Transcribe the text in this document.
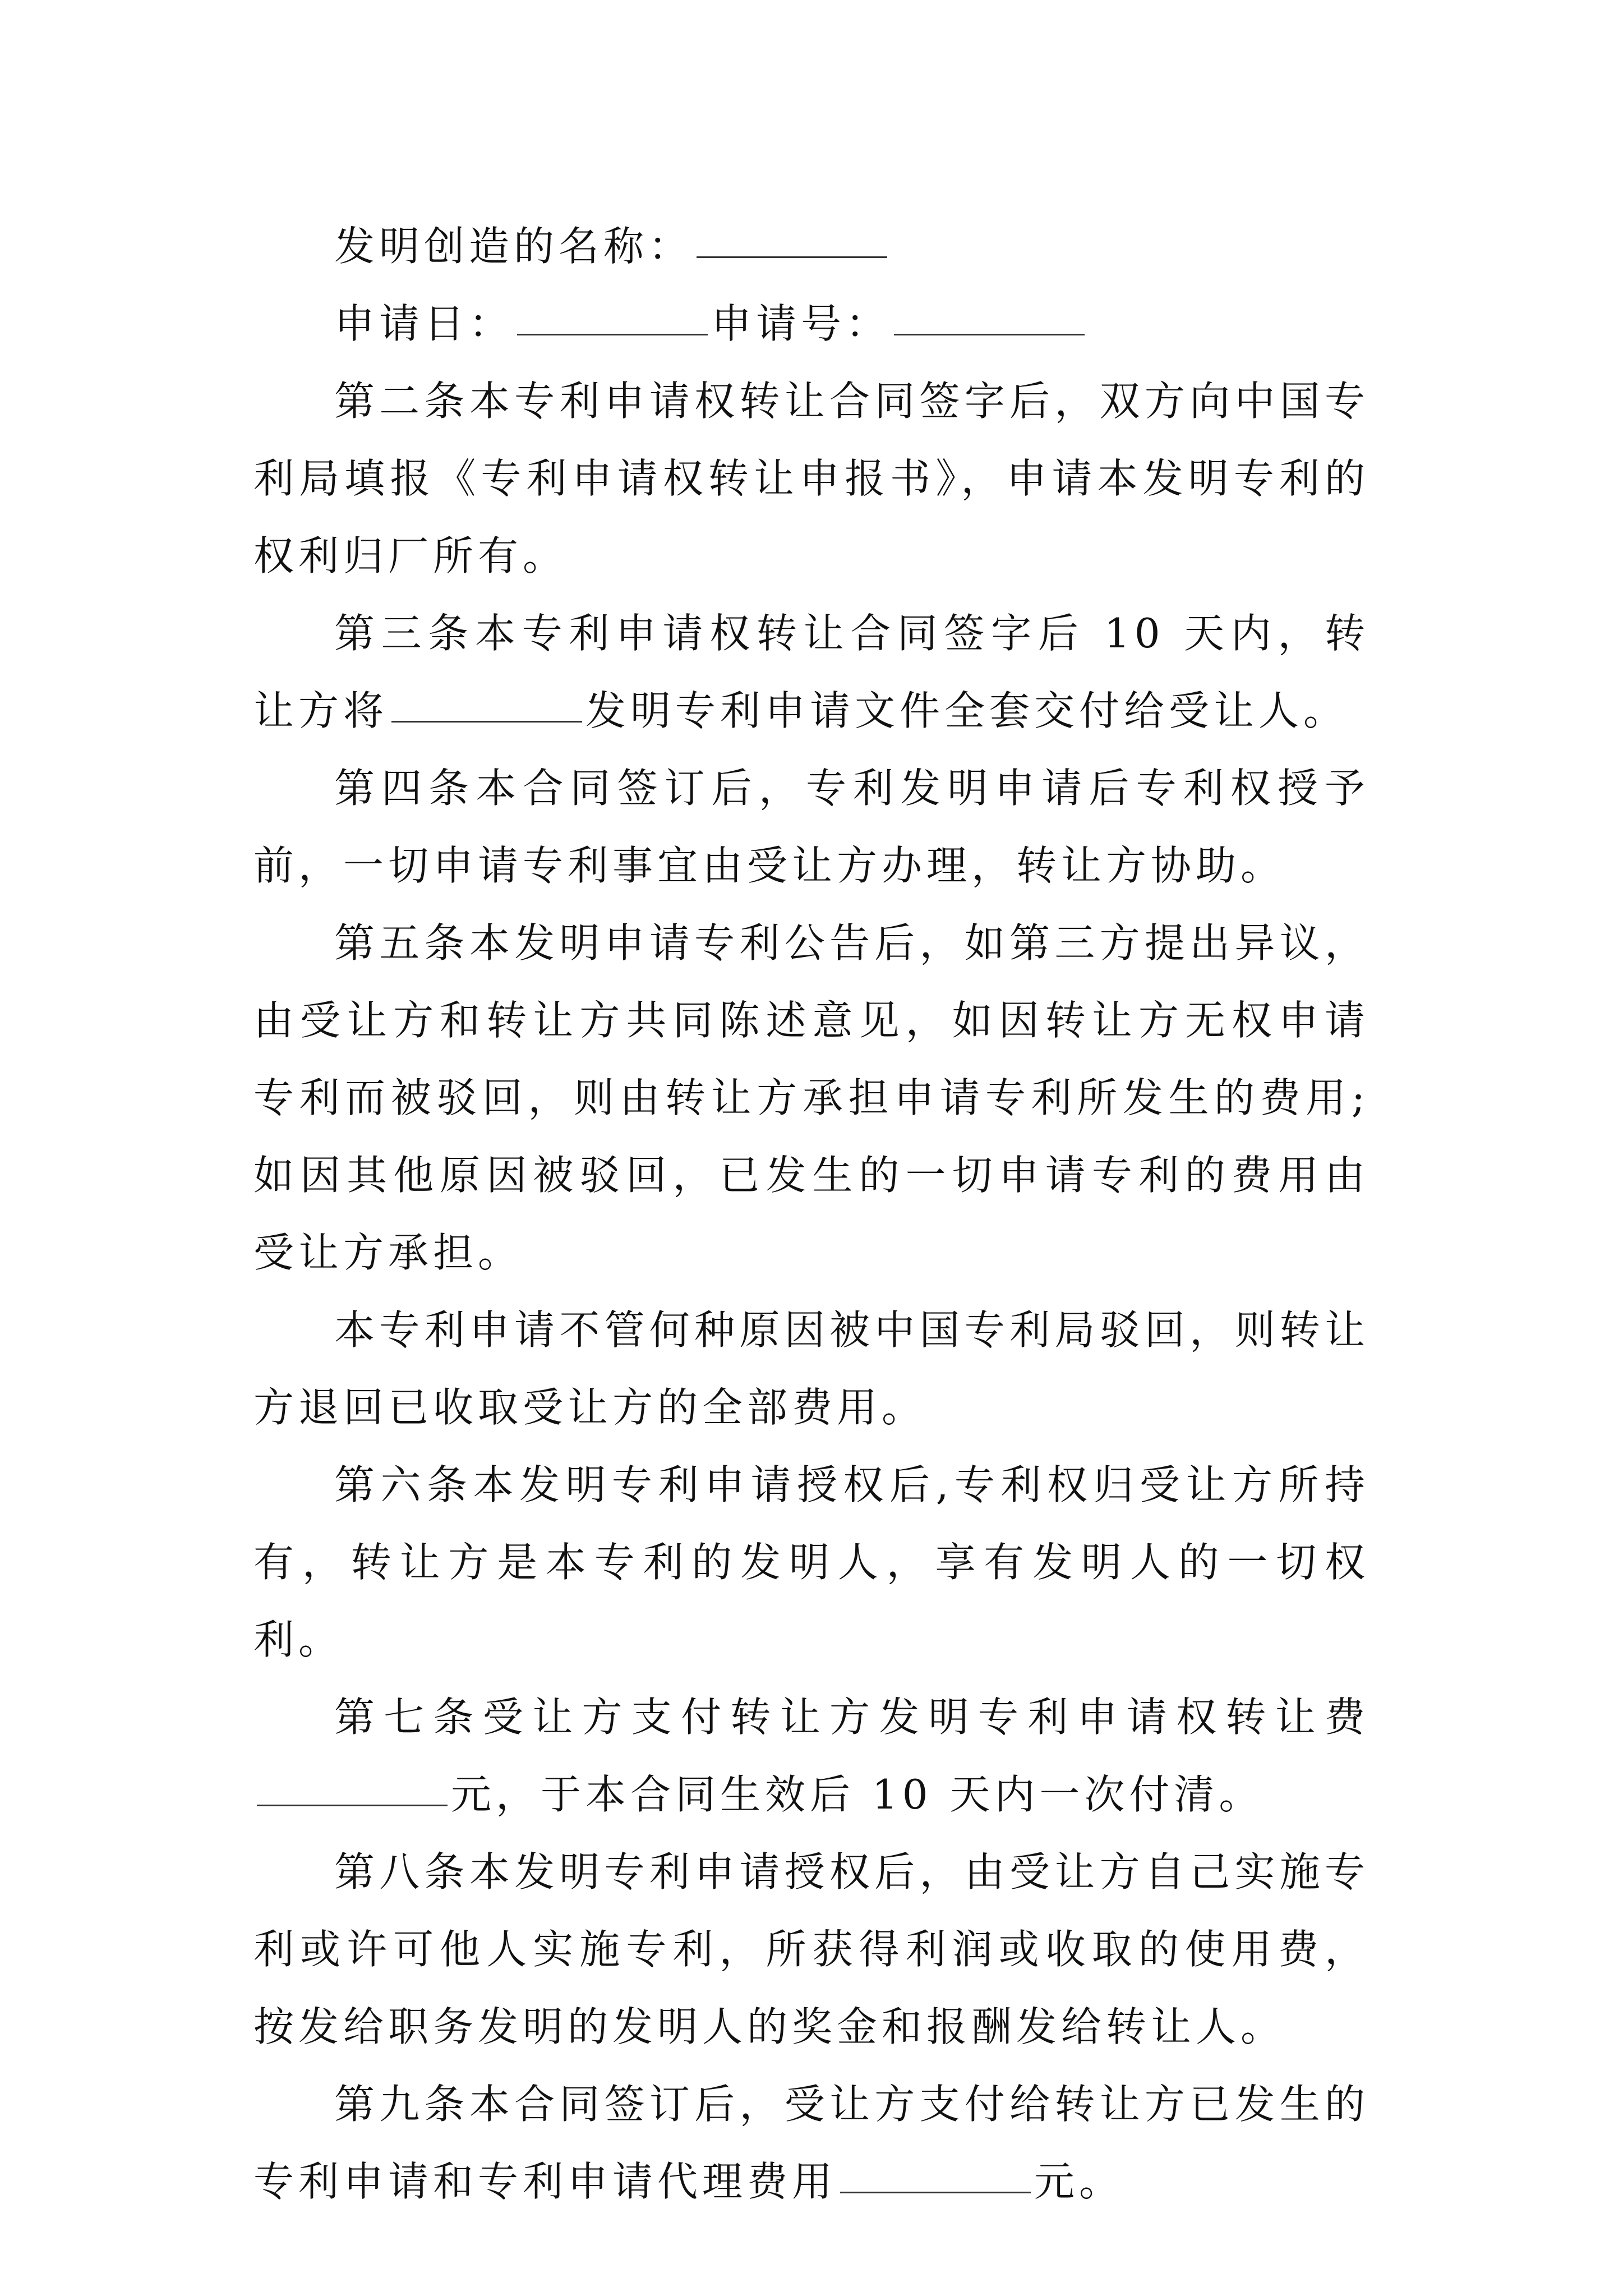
发明创造的名称：

申请日：	申请号：

第二条本专利申请权转让合同签字后，双方向中国专利局填报《专利申请权转让申报书》，申请本发明专利的权利归厂所有。

第三条本专利申请权转让合同签字后 10 天内，转让方将	发明专利申请文件全套交付给受让人。

第四条本合同签订后，专利发明申请后专利权授予前，一切申请专利事宜由受让方办理，转让方协助。

第五条本发明申请专利公告后，如第三方提出异议，由受让方和转让方共同陈述意见，如因转让方无权申请专利而被驳回，则由转让方承担申请专利所发生的费用;如因其他原因被驳回，已发生的一切申请专利的费用由受让方承担。

本专利申请不管何种原因被中国专利局驳回，则转让方退回已收取受让方的全部费用。

第六条本发明专利申请授权后,专利权归受让方所持有，转让方是本专利的发明人，享有发明人的一切权利。

第七条受让方支付转让方发明专利申请权转让费元，于本合同生效后 10 天内一次付清。

第八条本发明专利申请授权后，由受让方自己实施专利或许可他人实施专利，所获得利润或收取的使用费，按发给职务发明的发明人的奖金和报酬发给转让人。

第九条本合同签订后，受让方支付给转让方已发生的专利申请和专利申请代理费用	元。
